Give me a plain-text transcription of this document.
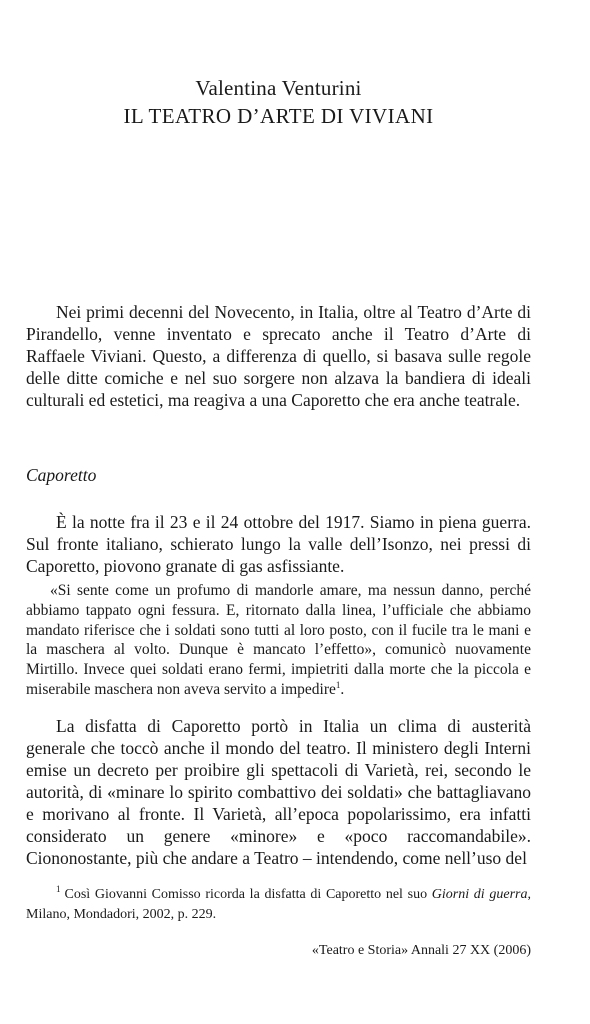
Valentina Venturini
IL TEATRO D’ARTE DI VIVIANI

Nei primi decenni del Novecento, in Italia, oltre al Teatro d’Arte di Pirandello, venne inventato e sprecato anche il Teatro d’Arte di Raffaele Viviani. Questo, a differenza di quello, si basava sulle regole delle ditte comiche e nel suo sorgere non alzava la bandiera di ideali culturali ed estetici, ma reagiva a una Caporetto che era anche teatrale.

Caporetto

È la notte fra il 23 e il 24 ottobre del 1917. Siamo in piena guerra. Sul fronte italiano, schierato lungo la valle dell’Isonzo, nei pressi di Caporetto, piovono granate di gas asfissiante.

«Si sente come un profumo di mandorle amare, ma nessun danno, perché abbiamo tappato ogni fessura. E, ritornato dalla linea, l’ufficiale che abbiamo mandato riferisce che i soldati sono tutti al loro posto, con il fucile tra le mani e la maschera al volto. Dunque è mancato l’effetto», comunicò nuovamente Mirtillo. Invece quei soldati erano fermi, impietriti dalla morte che la piccola e miserabile maschera non aveva servito a impedire$^1$.

La disfatta di Caporetto portò in Italia un clima di austerità generale che toccò anche il mondo del teatro. Il ministero degli Interni emise un decreto per proibire gli spettacoli di Varietà, rei, secondo le autorità, di «minare lo spirito combattivo dei soldati» che battagliavano e morivano al fronte. Il Varietà, all’epoca popolarissimo, era infatti considerato un genere «minore» e «poco raccomandabile». Ciononostante, più che andare a Teatro – intendendo, come nell’uso del

$^1$ Così Giovanni Comisso ricorda la disfatta di Caporetto nel suo Giorni di guerra, Milano, Mondadori, 2002, p. 229.

«Teatro e Storia» Annali 27 XX (2006)
